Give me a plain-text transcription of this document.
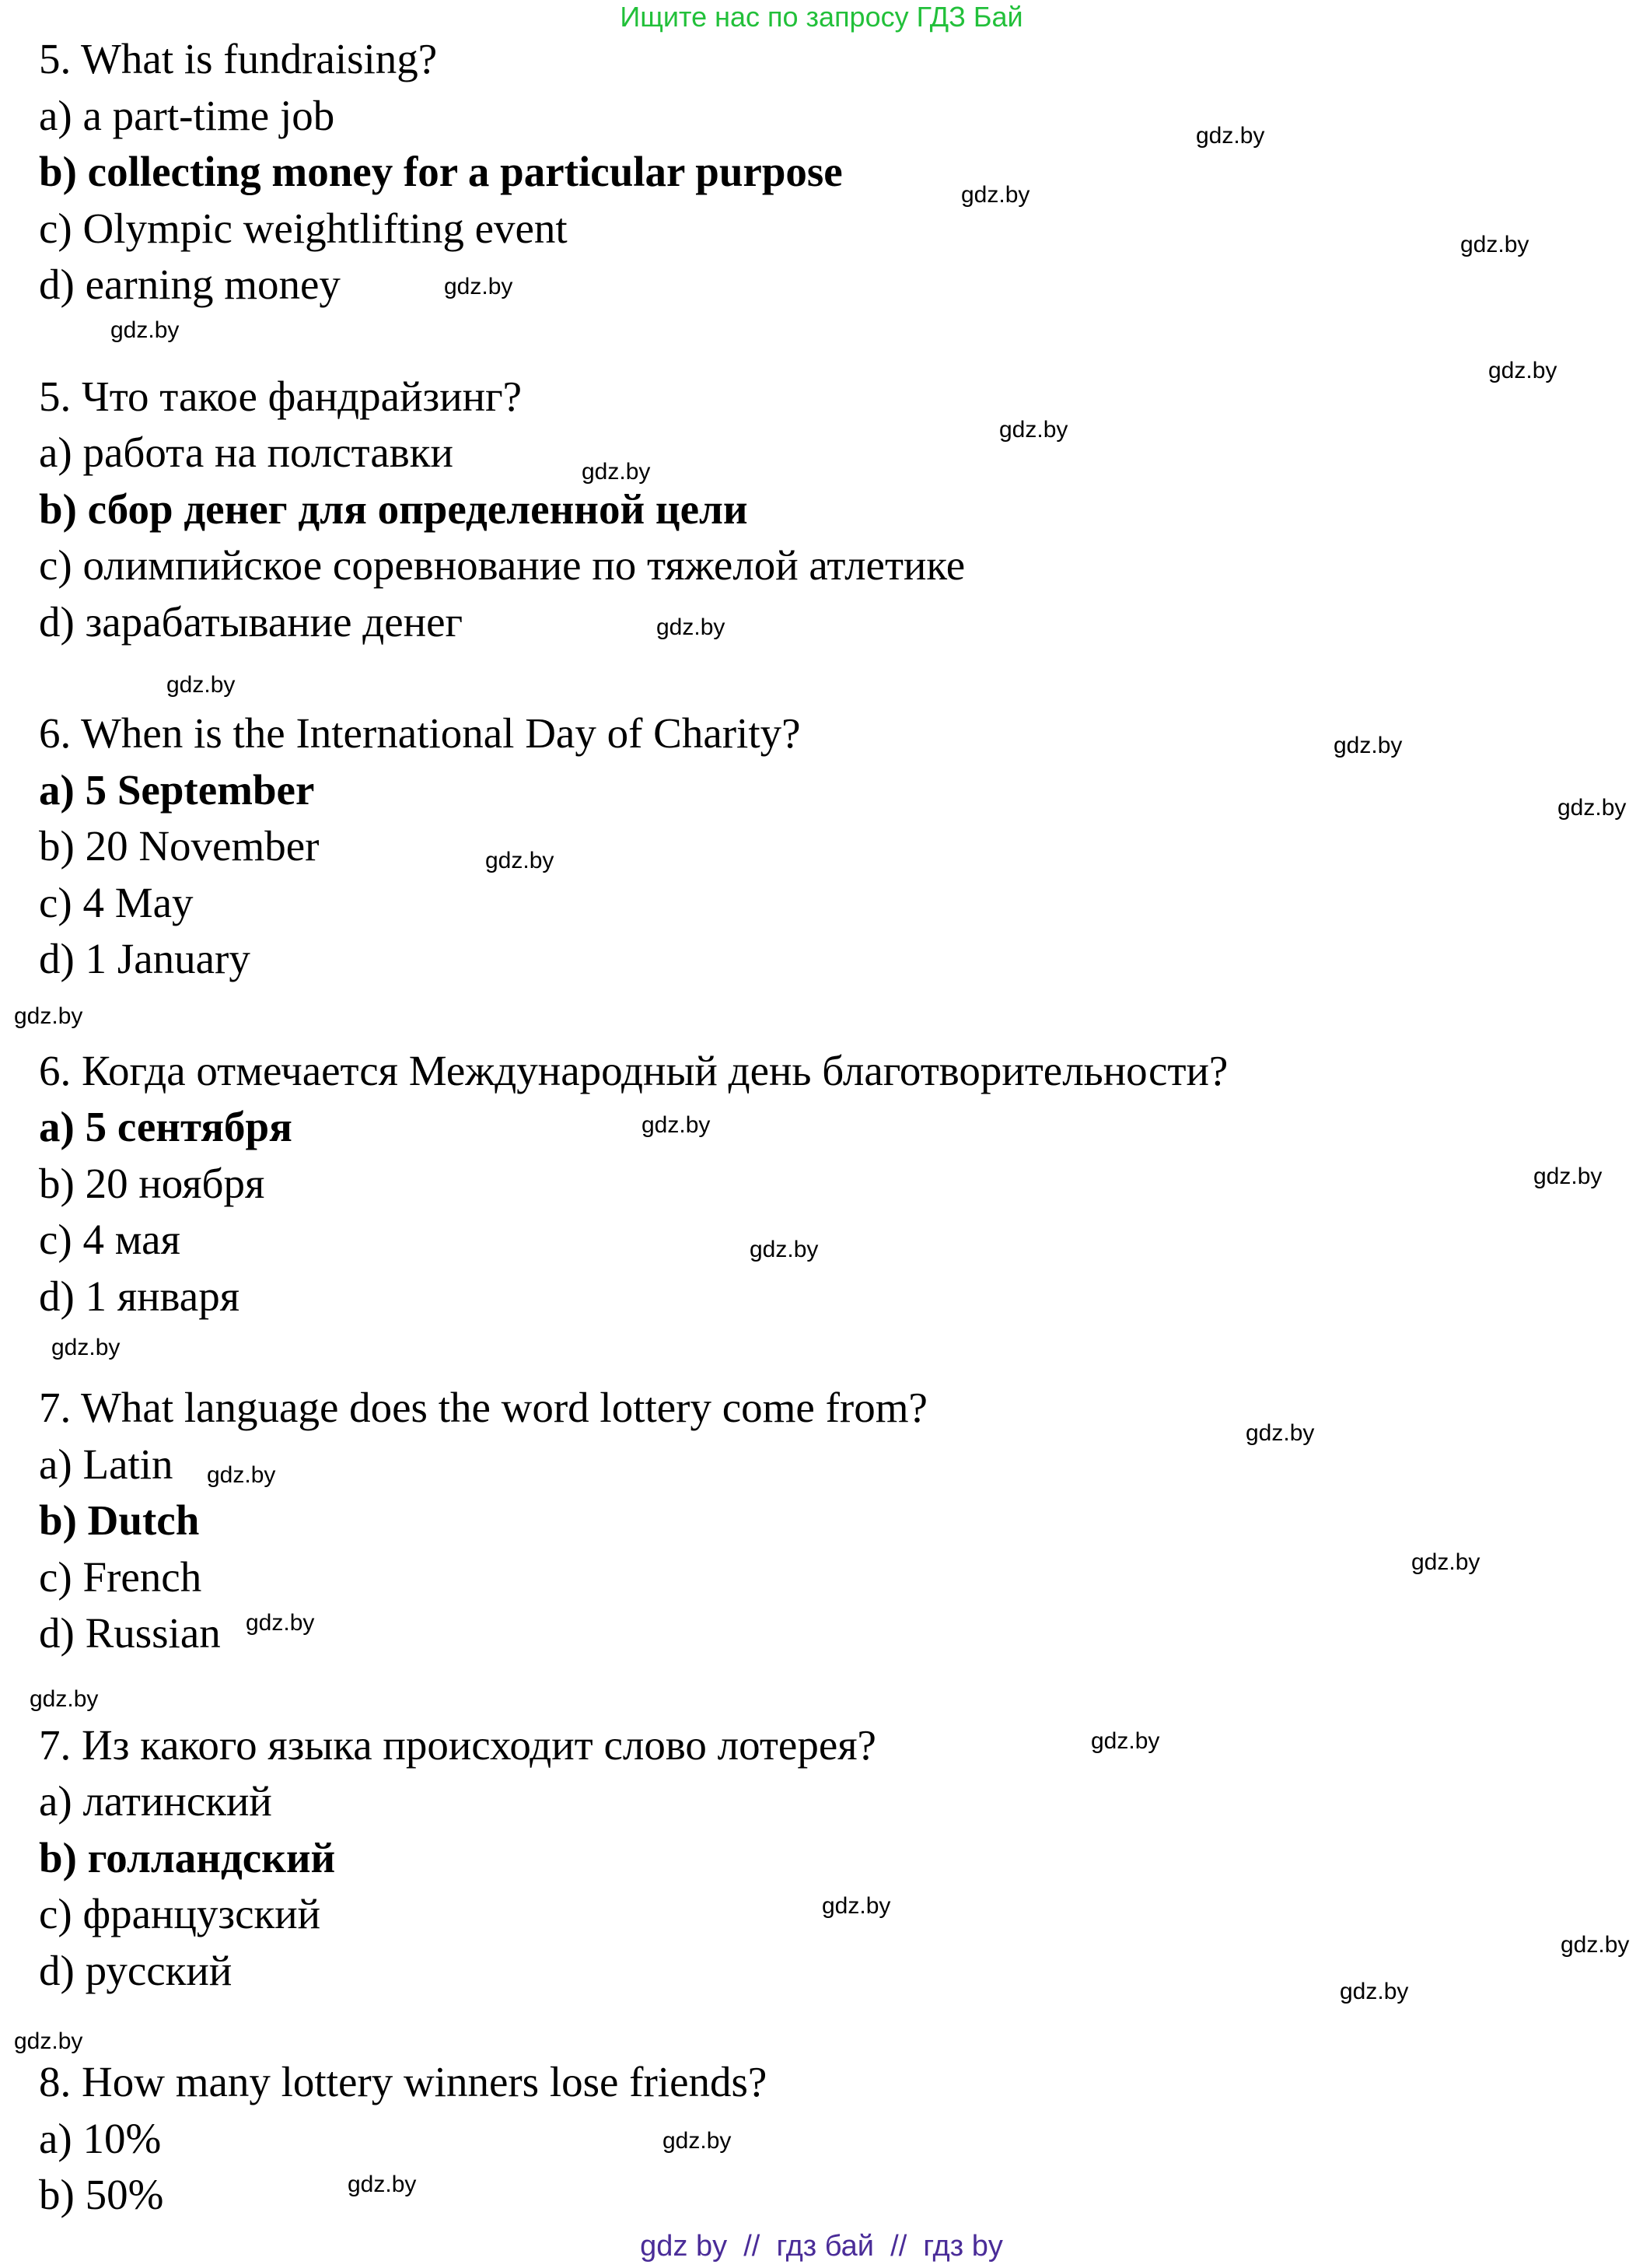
Ищите нас по запросу ГДЗ Бай
5. What is fundraising?
a) a part-time job
b) collecting money for a particular purpose
c) Olympic weightlifting event
d) earning money
5. Что такое фандрайзинг?
a) работа на полставки
b) сбор денег для определенной цели
c) олимпийское соревнование по тяжелой атлетике
d) зарабатывание денег
6. When is the International Day of Charity?
a) 5 September
b) 20 November
c) 4 May
d) 1 January
6. Когда отмечается Международный день благотворительности?
a) 5 сентября
b) 20 ноября
c) 4 мая
d) 1 января
7. What language does the word lottery come from?
a) Latin
b) Dutch
c) French
d) Russian
7. Из какого языка происходит слово лотерея?
a) латинский
b) голландский
c) французский
d) русский
8. How many lottery winners lose friends?
a) 10%
b) 50%
gdz.by
gdz.by
gdz.by
gdz.by
gdz.by
gdz.by
gdz.by
gdz.by
gdz.by
gdz.by
gdz.by
gdz.by
gdz.by
gdz.by
gdz.by
gdz.by
gdz.by
gdz.by
gdz.by
gdz.by
gdz.by
gdz.by
gdz.by
gdz.by
gdz.by
gdz.by
gdz.by
gdz.by
gdz.by
gdz.by
gdz by  //  гдз бай  //  гдз by
